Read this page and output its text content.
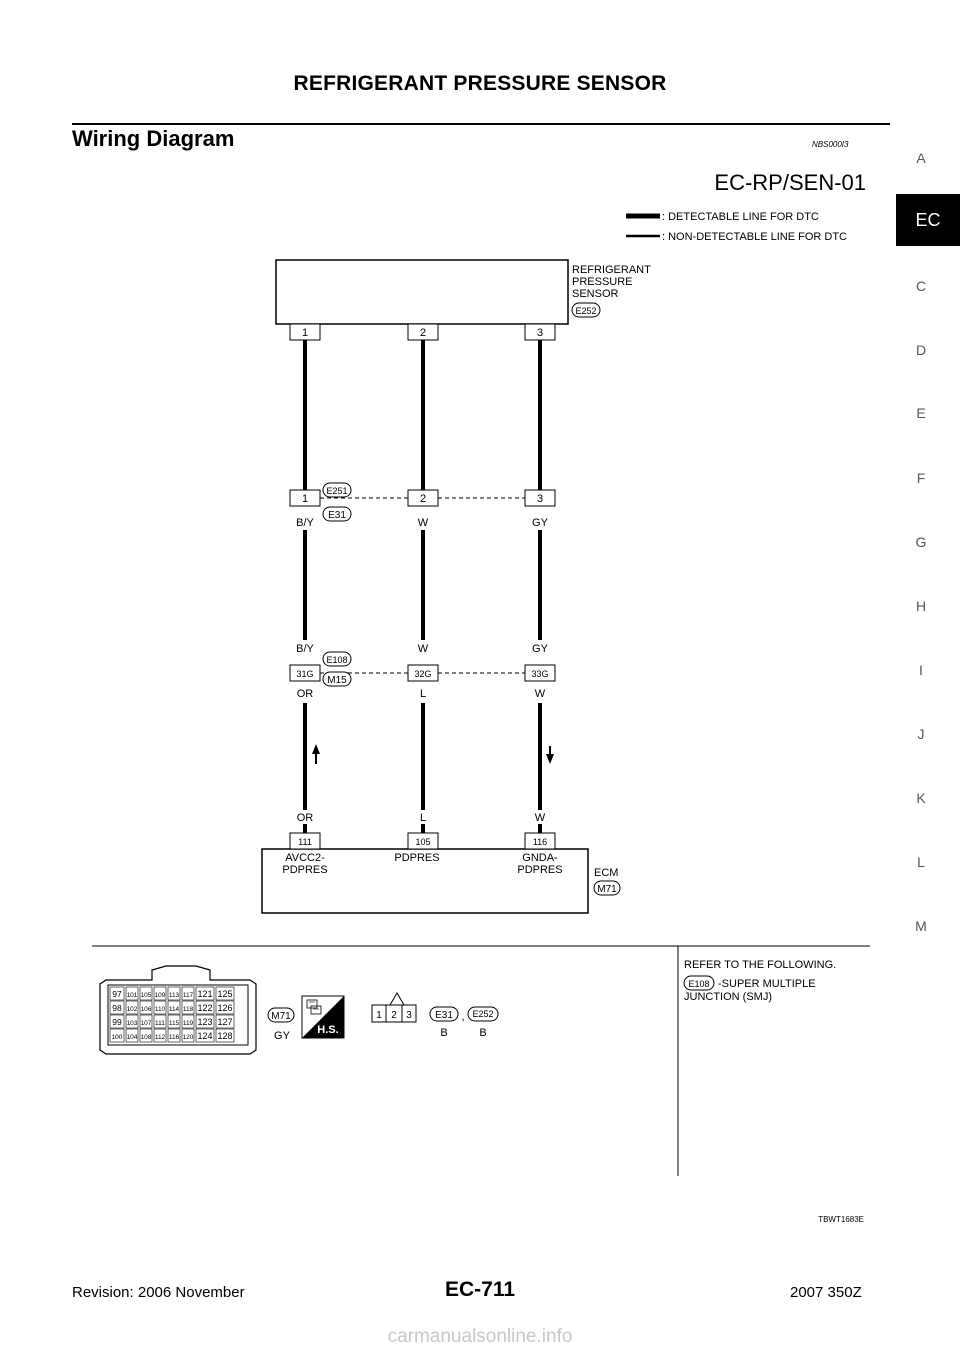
REFRIGERANT PRESSURE SENSOR
Wiring Diagram	NBS000I3
EC
A
C
D
E
F
G
H
I
J
K
L
M
EC-RP/SEN-01
: DETECTABLE LINE FOR DTC
: NON-DETECTABLE LINE FOR DTC
REFRIGERANT
PRESSURE
SENSOR
E252
1	2	3
1	2	3
E251
E31
B/Y	W	GY
B/Y	W	GY
31G	32G	33G
E108
M15
OR	L	W
OR	L	W
111	105	116
AVCC2-
PDPRES
PDPRES	GNDA-
PDPRES	ECM
M71
97 101 105 109 113 117 121 125
98 102 106 110 114 118 122 126
99 103 107 111 115 119 123 127
100 104 108 112 116 120 124 128
M71
GY H.S.
1 2 3 E31 , E252
B	B
REFER TO THE FOLLOWING.
E108 -SUPER MULTIPLE
JUNCTION (SMJ)
TBWT1683E
Revision: 2006 November	EC-711	2007 350Z
carmanualsonline.info
